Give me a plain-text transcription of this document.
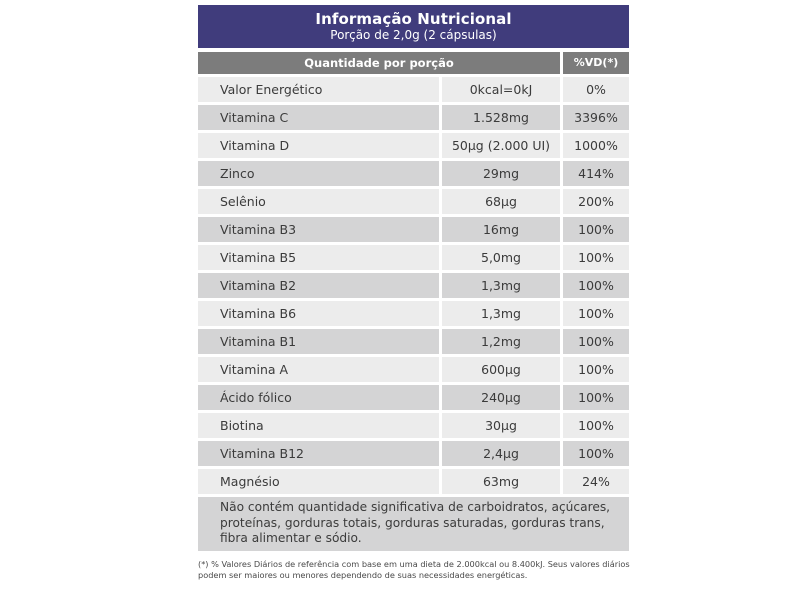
Informação Nutricional
Porção de 2,0g (2 cápsulas)
Quantidade por porção	%VD(*)
Valor Energético	0kcal=0kJ	0%
Vitamina C	1.528mg	3396%
Vitamina D	50µg (2.000 UI)	1000%
Zinco	29mg	414%
Selênio	68µg	200%
Vitamina B3	16mg	100%
Vitamina B5	5,0mg	100%
Vitamina B2	1,3mg	100%
Vitamina B6	1,3mg	100%
Vitamina B1	1,2mg	100%
Vitamina A	600µg	100%
Ácido fólico	240µg	100%
Biotina	30µg	100%
Vitamina B12	2,4µg	100%
Magnésio	63mg	24%
Não contém quantidade significativa de carboidratos, açúcares, proteínas, gorduras totais, gorduras saturadas, gorduras trans, fibra alimentar e sódio.
(*) % Valores Diários de referência com base em uma dieta de 2.000kcal ou 8.400kJ. Seus valores diários podem ser maiores ou menores dependendo de suas necessidades energéticas.
